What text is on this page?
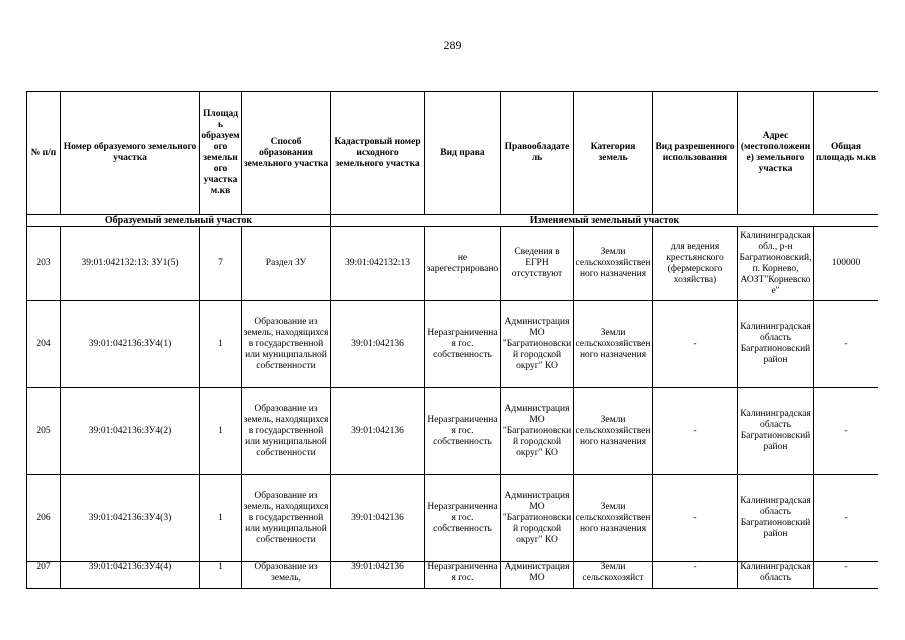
289
№ п/п	Номер образуемого земельного участка	Площадь образуемого земельного участка м.кв	Способ образования земельного участка	Кадастровый номер исходного земельного участка	Вид права	Правообладатель	Категория земель	Вид разрешенного использования	Адрес (местоположение) земельного участка	Общая площадь м.кв
Образуемый земельный участок				Изменяемый земельный участок						
203	39:01:042132:13: ЗУ1(5)	7	Раздел ЗУ	39:01:042132:13	не зарегестрировано	Сведения в ЕГРН отсутствуют	Земли сельскохозяйственного назначения	для ведения крестьянского (фермерского хозяйства)	Калининградская обл., р-н Багратионовский, п. Корнево, АОЗТ"Корневское"	100000
204	39:01:042136:ЗУ4(1)	1	Образование из земель, находящихся в государственной или муниципальной собственности	39:01:042136	Неразграниченная гос. собственность	Администрация МО "Багратионовский городской округ" КО	Земли сельскохозяйственного назначения	-	Калининградская область Багратионовский район	-
205	39:01:042136:ЗУ4(2)	1	Образование из земель, находящихся в государственной или муниципальной собственности	39:01:042136	Неразграниченная гос. собственность	Администрация МО "Багратионовский городской округ" КО	Земли сельскохозяйственного назначения	-	Калининградская область Багратионовский район	-
206	39:01:042136:ЗУ4(3)	1	Образование из земель, находящихся в государственной или муниципальной собственности	39:01:042136	Неразграниченная гос. собственность	Администрация МО "Багратионовский городской округ" КО	Земли сельскохозяйственного назначения	-	Калининградская область Багратионовский район	-
207	39:01:042136:ЗУ4(4)	1	Образование из земель,	39:01:042136	Неразграниченная гос.	Администрация МО	Земли сельскохозяйст	-	Калининградская область	-
